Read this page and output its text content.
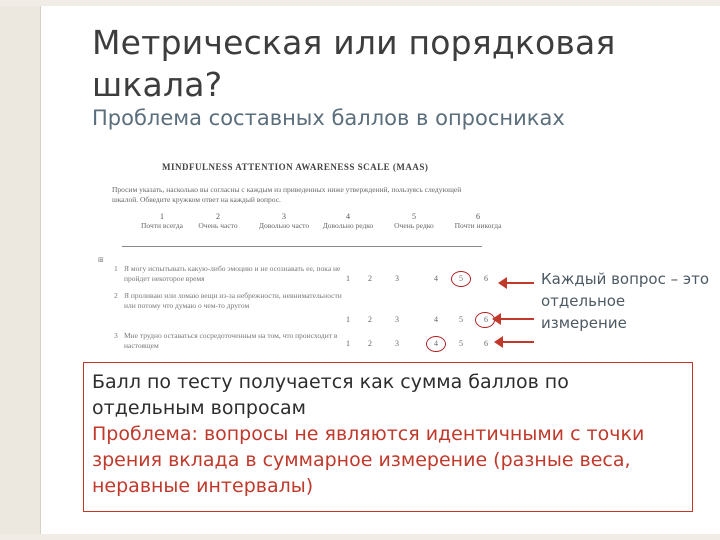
Метрическая или порядковая шкала?
Проблема составных баллов в опросниках
MINDFULNESS ATTENTION AWARENESS SCALE (MAAS)
Просим указать, насколько вы согласны с каждым из приведенных ниже утверждений, пользуясь следующей шкалой. Обведите кружком ответ на каждый вопрос.
1
Почти всегда
2
Очень часто
3
Довольно часто
4
Довольно редко
5
Очень редко
6
Почти никогда
⊞
1 Я могу испытывать какую-либо эмоцию и не осознавать ее, пока не пройдет некоторое время	1	2	3	4	5	6
2 Я проливаю или ломаю вещи из-за небрежности, невнимательности или потому что думаю о чем-то другом
1	2	3	4	5	6
3 Мне трудно оставаться сосредоточенным на том, что происходит в настоящем	1	2	3	4	5	6
Каждый вопрос – это отдельное измерение
Балл по тесту получается как сумма баллов по отдельным вопросам
Проблема: вопросы не являются идентичными с точки зрения вклада в суммарное измерение (разные веса, неравные интервалы)
